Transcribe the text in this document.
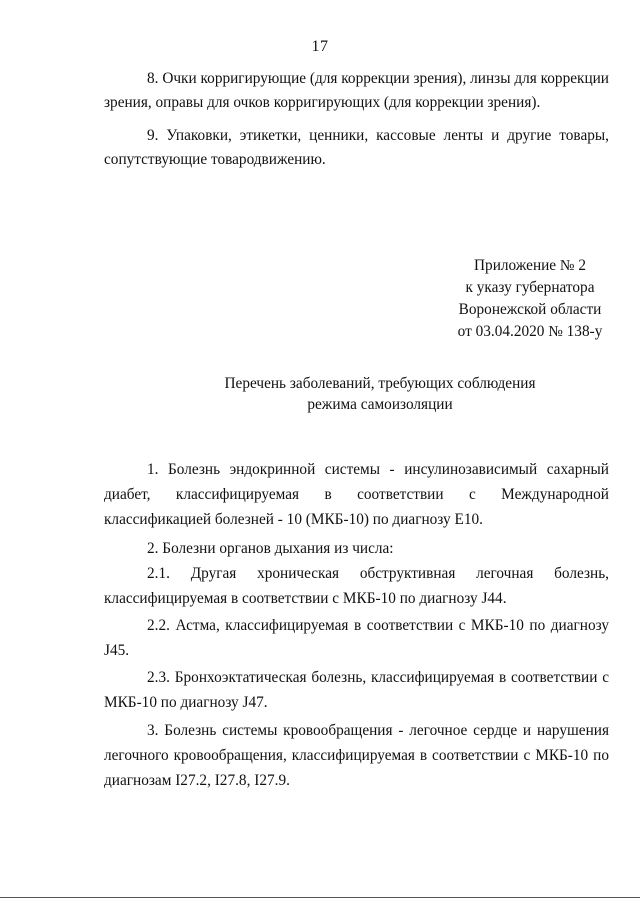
17

8. Очки корригирующие (для коррекции зрения), линзы для коррекции зрения, оправы для очков корригирующих (для коррекции зрения).

9. Упаковки, этикетки, ценники, кассовые ленты и другие товары, сопутствующие товародвижению.

Приложение № 2
к указу губернатора
Воронежской области
от 03.04.2020 № 138-у
Перечень заболеваний, требующих соблюдения
режима самоизоляции

1. Болезнь эндокринной системы - инсулинозависимый сахарный диабет, классифицируемая в соответствии с Международной классификацией болезней - 10 (МКБ-10) по диагнозу E10.

2. Болезни органов дыхания из числа:

2.1. Другая хроническая обструктивная легочная болезнь, классифицируемая в соответствии с МКБ-10 по диагнозу J44.

2.2. Астма, классифицируемая в соответствии с МКБ-10 по диагнозу J45.

2.3. Бронхоэктатическая болезнь, классифицируемая в соответствии с МКБ-10 по диагнозу J47.

3. Болезнь системы кровообращения - легочное сердце и нарушения легочного кровообращения, классифицируемая в соответствии с МКБ-10 по диагнозам I27.2, I27.8, I27.9.
